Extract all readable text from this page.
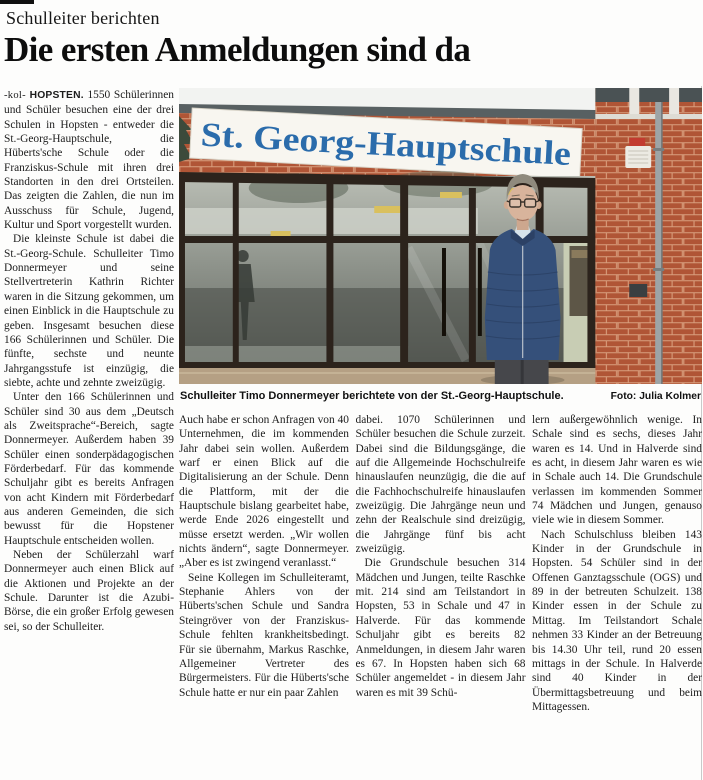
Schulleiter berichten
Die ersten Anmeldungen sind da

-kol- HOPSTEN. 1550 Schülerinnen und Schüler besuchen eine der drei Schulen in Hopsten - entweder die St.-Georg-Hauptschule, die Hüberts'sche Schule oder die Franziskus-Schule mit ihren drei Standorten in den drei Ortsteilen. Das zeigten die Zahlen, die nun im Ausschuss für Schule, Jugend, Kultur und Sport vorgestellt wurden.

Die kleinste Schule ist dabei die St.-Georg-Schule. Schulleiter Timo Donnermeyer und seine Stellvertreterin Kathrin Richter waren in die Sitzung gekommen, um einen Einblick in die Hauptschule zu geben. Insgesamt besuchen diese 166 Schülerinnen und Schüler. Die fünfte, sechste und neunte Jahrgangsstufe ist einzügig, die siebte, achte und zehnte zweizügig.

Unter den 166 Schülerinnen und Schüler sind 30 aus dem „Deutsch als Zweitsprache“-Bereich, sagte Donnermeyer. Außerdem haben 39 Schüler einen sonderpädagogischen Förderbedarf. Für das kommende Schuljahr gibt es bereits Anfragen von acht Kindern mit Förderbedarf aus anderen Gemeinden, die sich bewusst für die Hopstener Hauptschule entscheiden wollen.

Neben der Schülerzahl warf Donnermeyer auch einen Blick auf die Aktionen und Projekte an der Schule. Darunter ist die Azubi-Börse, die ein großer Erfolg gewesen sei, so der Schulleiter.

St. Georg-Hauptschule
Schulleiter Timo Donnermeyer berichtete von der St.-Georg-Hauptschule.	Foto: Julia Kolmer

Auch habe er schon Anfragen von 40 Unternehmen, die im kommenden Jahr dabei sein wollen. Außerdem warf er einen Blick auf die Digitalisierung an der Schule. Denn die Plattform, mit der die Hauptschule bislang gearbeitet habe, werde Ende 2026 eingestellt und müsse ersetzt werden. „Wir wollen nichts ändern“, sagte Donnermeyer. „Aber es ist zwingend veranlasst.“

Seine Kollegen im Schulleiteramt, Stephanie Ahlers von der Hüberts'schen Schule und Sandra Steingröver von der Franziskus-Schule fehlten krankheitsbedingt. Für sie übernahm, Markus Raschke, Allgemeiner Vertreter des Bürgermeisters. Für die Hüberts'sche Schule hatte er nur ein paar Zahlen

dabei. 1070 Schülerinnen und Schüler besuchen die Schule zurzeit. Dabei sind die Bildungsgänge, die auf die Allgemeinde Hochschulreife hinauslaufen neunzügig, die die auf die Fachhochschulreife hinauslaufen zweizügig. Die Jahrgänge neun und zehn der Realschule sind dreizügig, die Jahrgänge fünf bis acht zweizügig.

Die Grundschule besuchen 314 Mädchen und Jungen, teilte Raschke mit. 214 sind am Teilstandort in Hopsten, 53 in Schale und 47 in Halverde. Für das kommende Schuljahr gibt es bereits 82 Anmeldungen, in diesem Jahr waren es 67. In Hopsten haben sich 68 Schüler angemeldet - in diesem Jahr waren es mit 39 Schü-

lern außergewöhnlich wenige. In Schale sind es sechs, dieses Jahr waren es 14. Und in Halverde sind es acht, in diesem Jahr waren es wie in Schale auch 14. Die Grundschule verlassen im kommenden Sommer 74 Mädchen und Jungen, genauso viele wie in diesem Sommer.

Nach Schulschluss bleiben 143 Kinder in der Grundschule in Hopsten. 54 Schüler sind in der Offenen Ganztagsschule (OGS) und 89 in der betreuten Schulzeit. 138 Kinder essen in der Schule zu Mittag. Im Teilstandort Schale nehmen 33 Kinder an der Betreuung bis 14.30 Uhr teil, rund 20 essen mittags in der Schule. In Halverde sind 40 Kinder in der Übermittagsbetreuung und beim Mittagessen.
